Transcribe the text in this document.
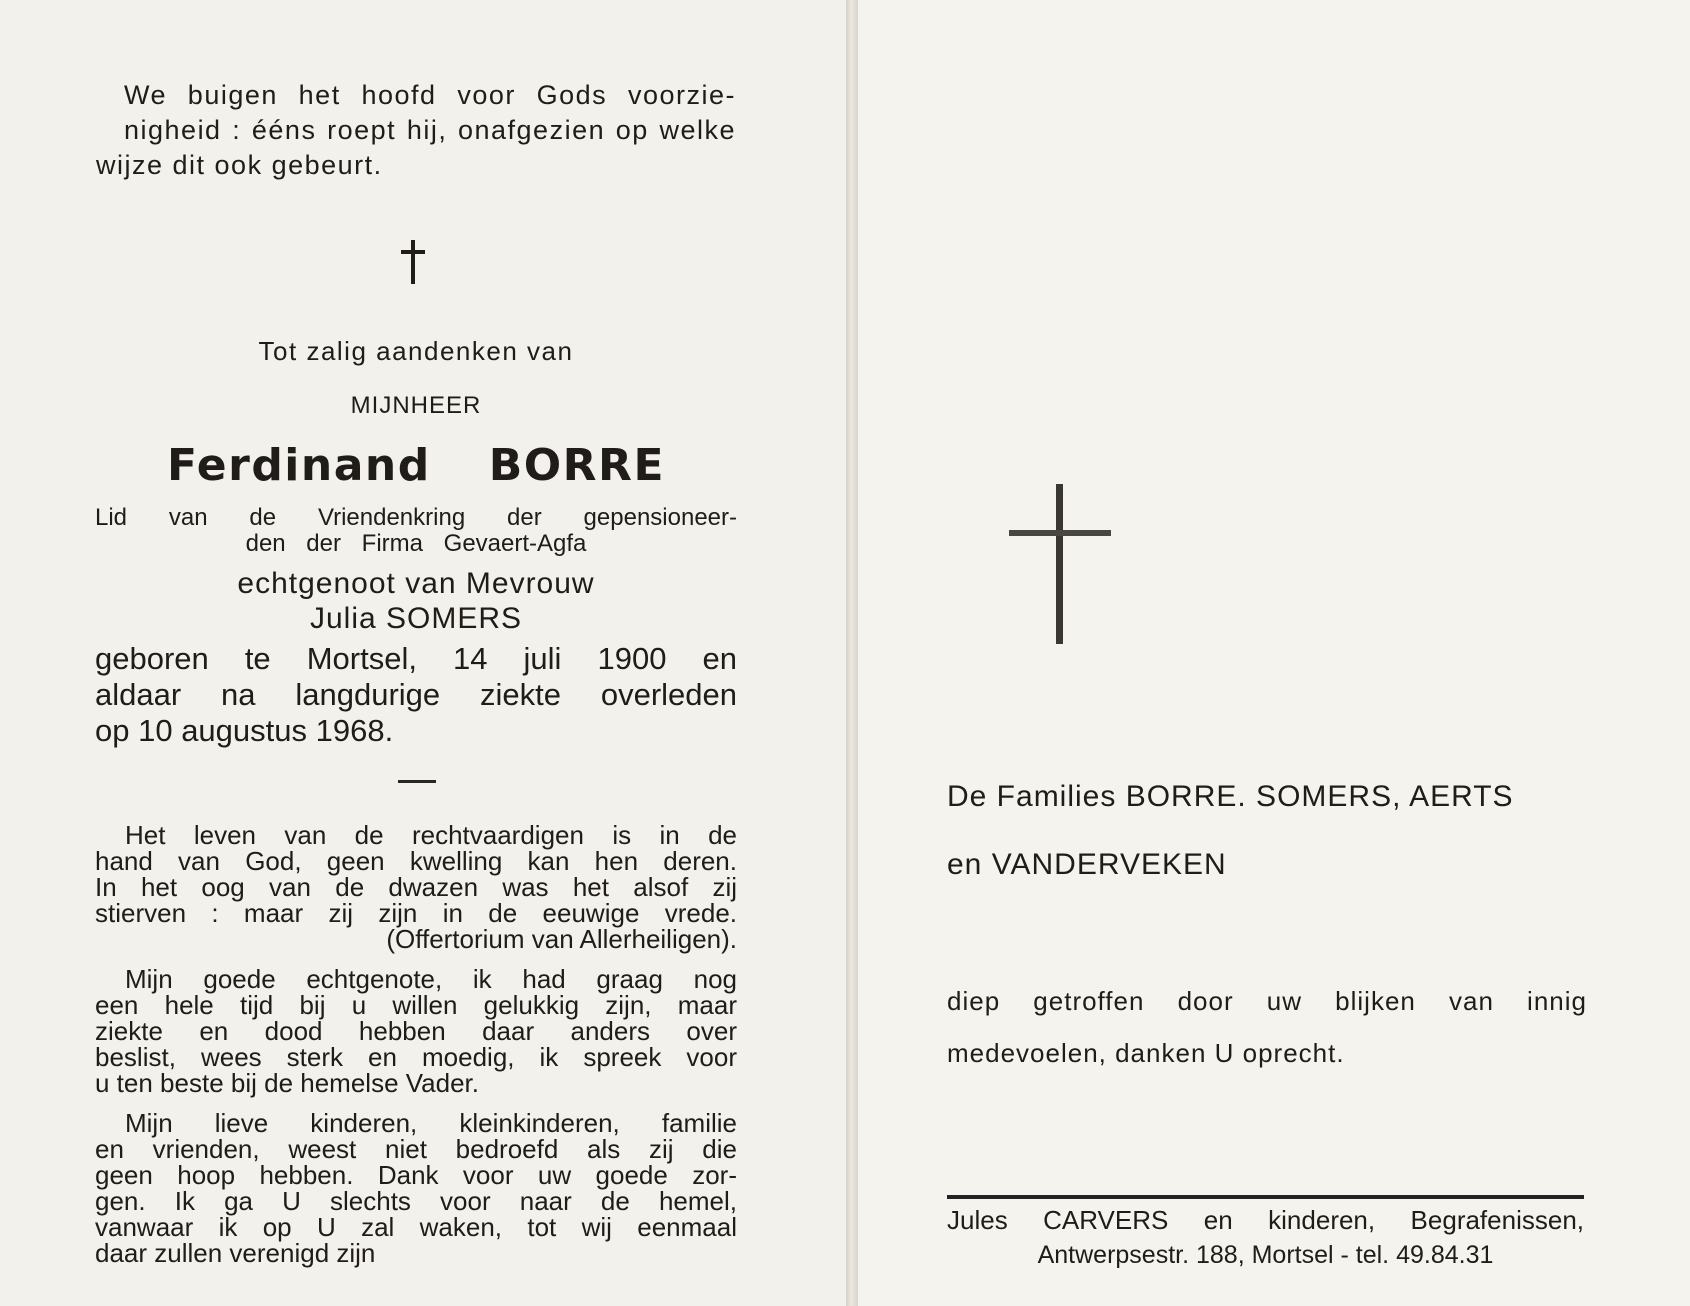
We buigen het hoofd voor Gods voorzie-

nigheid : ééns roept hij, onafgezien op welke

wijze dit ook gebeurt.

Tot zalig aandenken van

MIJNHEER

Ferdinand BORRE

Lid van de Vriendenkring der gepensioneer-

den der Firma Gevaert-Agfa

echtgenoot van Mevrouw

Julia SOMERS

geboren te Mortsel, 14 juli 1900 en

aldaar na langdurige ziekte overleden

op 10 augustus 1968.

Het leven van de rechtvaardigen is in de

hand van God, geen kwelling kan hen deren.

In het oog van de dwazen was het alsof zij

stierven : maar zij zijn in de eeuwige vrede.

(Offertorium van Allerheiligen).

Mijn goede echtgenote, ik had graag nog

een hele tijd bij u willen gelukkig zijn, maar

ziekte en dood hebben daar anders over

beslist, wees sterk en moedig, ik spreek voor

u ten beste bij de hemelse Vader.

Mijn lieve kinderen, kleinkinderen, familie

en vrienden, weest niet bedroefd als zij die

geen hoop hebben. Dank voor uw goede zor-

gen. Ik ga U slechts voor naar de hemel,

vanwaar ik op U zal waken, tot wij eenmaal

daar zullen verenigd zijn

De Families BORRE. SOMERS, AERTS

en VANDERVEKEN

diep getroffen door uw blijken van innig

medevoelen, danken U oprecht.

Jules CARVERS en kinderen, Begrafenissen,

Antwerpsestr. 188, Mortsel - tel. 49.84.31
